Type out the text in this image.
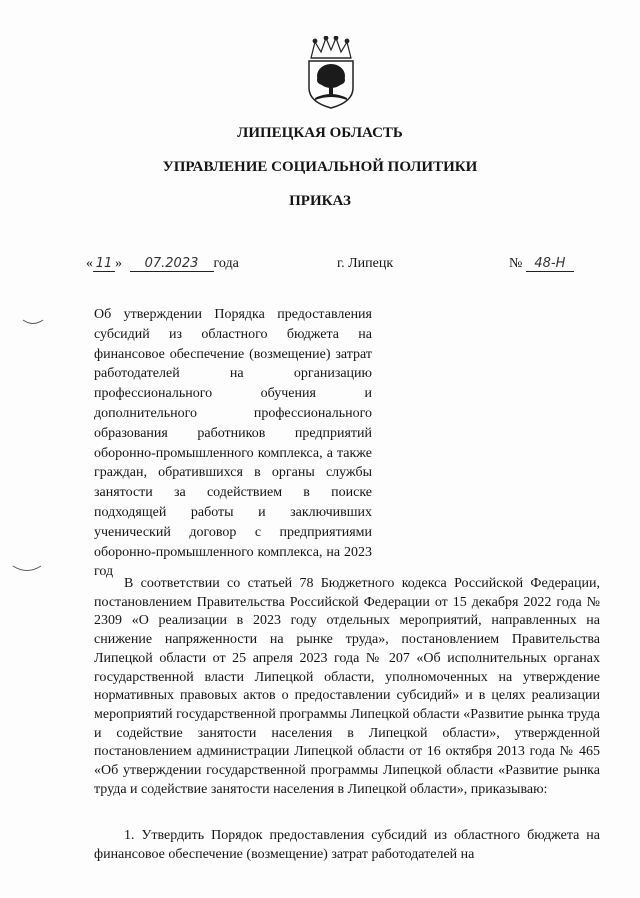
ЛИПЕЦКАЯ ОБЛАСТЬ
УПРАВЛЕНИЕ СОЦИАЛЬНОЙ ПОЛИТИКИ
ПРИКАЗ
« 11 » 07.2023 года	г. Липецк	№ 48-Н
Об утверждении Порядка предоставления субсидий из областного бюджета на финансовое обеспечение (возмещение) затрат работодателей на организацию профессионального обучения и дополнительного профессионального образования работников предприятий оборонно-промышленного комплекса, а также граждан, обратившихся в органы службы занятости за содействием в поиске подходящей работы и заключивших ученический договор с предприятиями оборонно-промышленного комплекса, на 2023 год
В соответствии со статьей 78 Бюджетного кодекса Российской Федерации, постановлением Правительства Российской Федерации от 15 декабря 2022 года № 2309 «О реализации в 2023 году отдельных мероприятий, направленных на снижение напряженности на рынке труда», постановлением Правительства Липецкой области от 25 апреля 2023 года № 207 «Об исполнительных органах государственной власти Липецкой области, уполномоченных на утверждение нормативных правовых актов о предоставлении субсидий» и в целях реализации мероприятий государственной программы Липецкой области «Развитие рынка труда и содействие занятости населения в Липецкой области», утвержденной постановлением администрации Липецкой области от 16 октября 2013 года № 465 «Об утверждении государственной программы Липецкой области «Развитие рынка труда и содействие занятости населения в Липецкой области», приказываю:
1. Утвердить Порядок предоставления субсидий из областного бюджета на финансовое обеспечение (возмещение) затрат работодателей на
